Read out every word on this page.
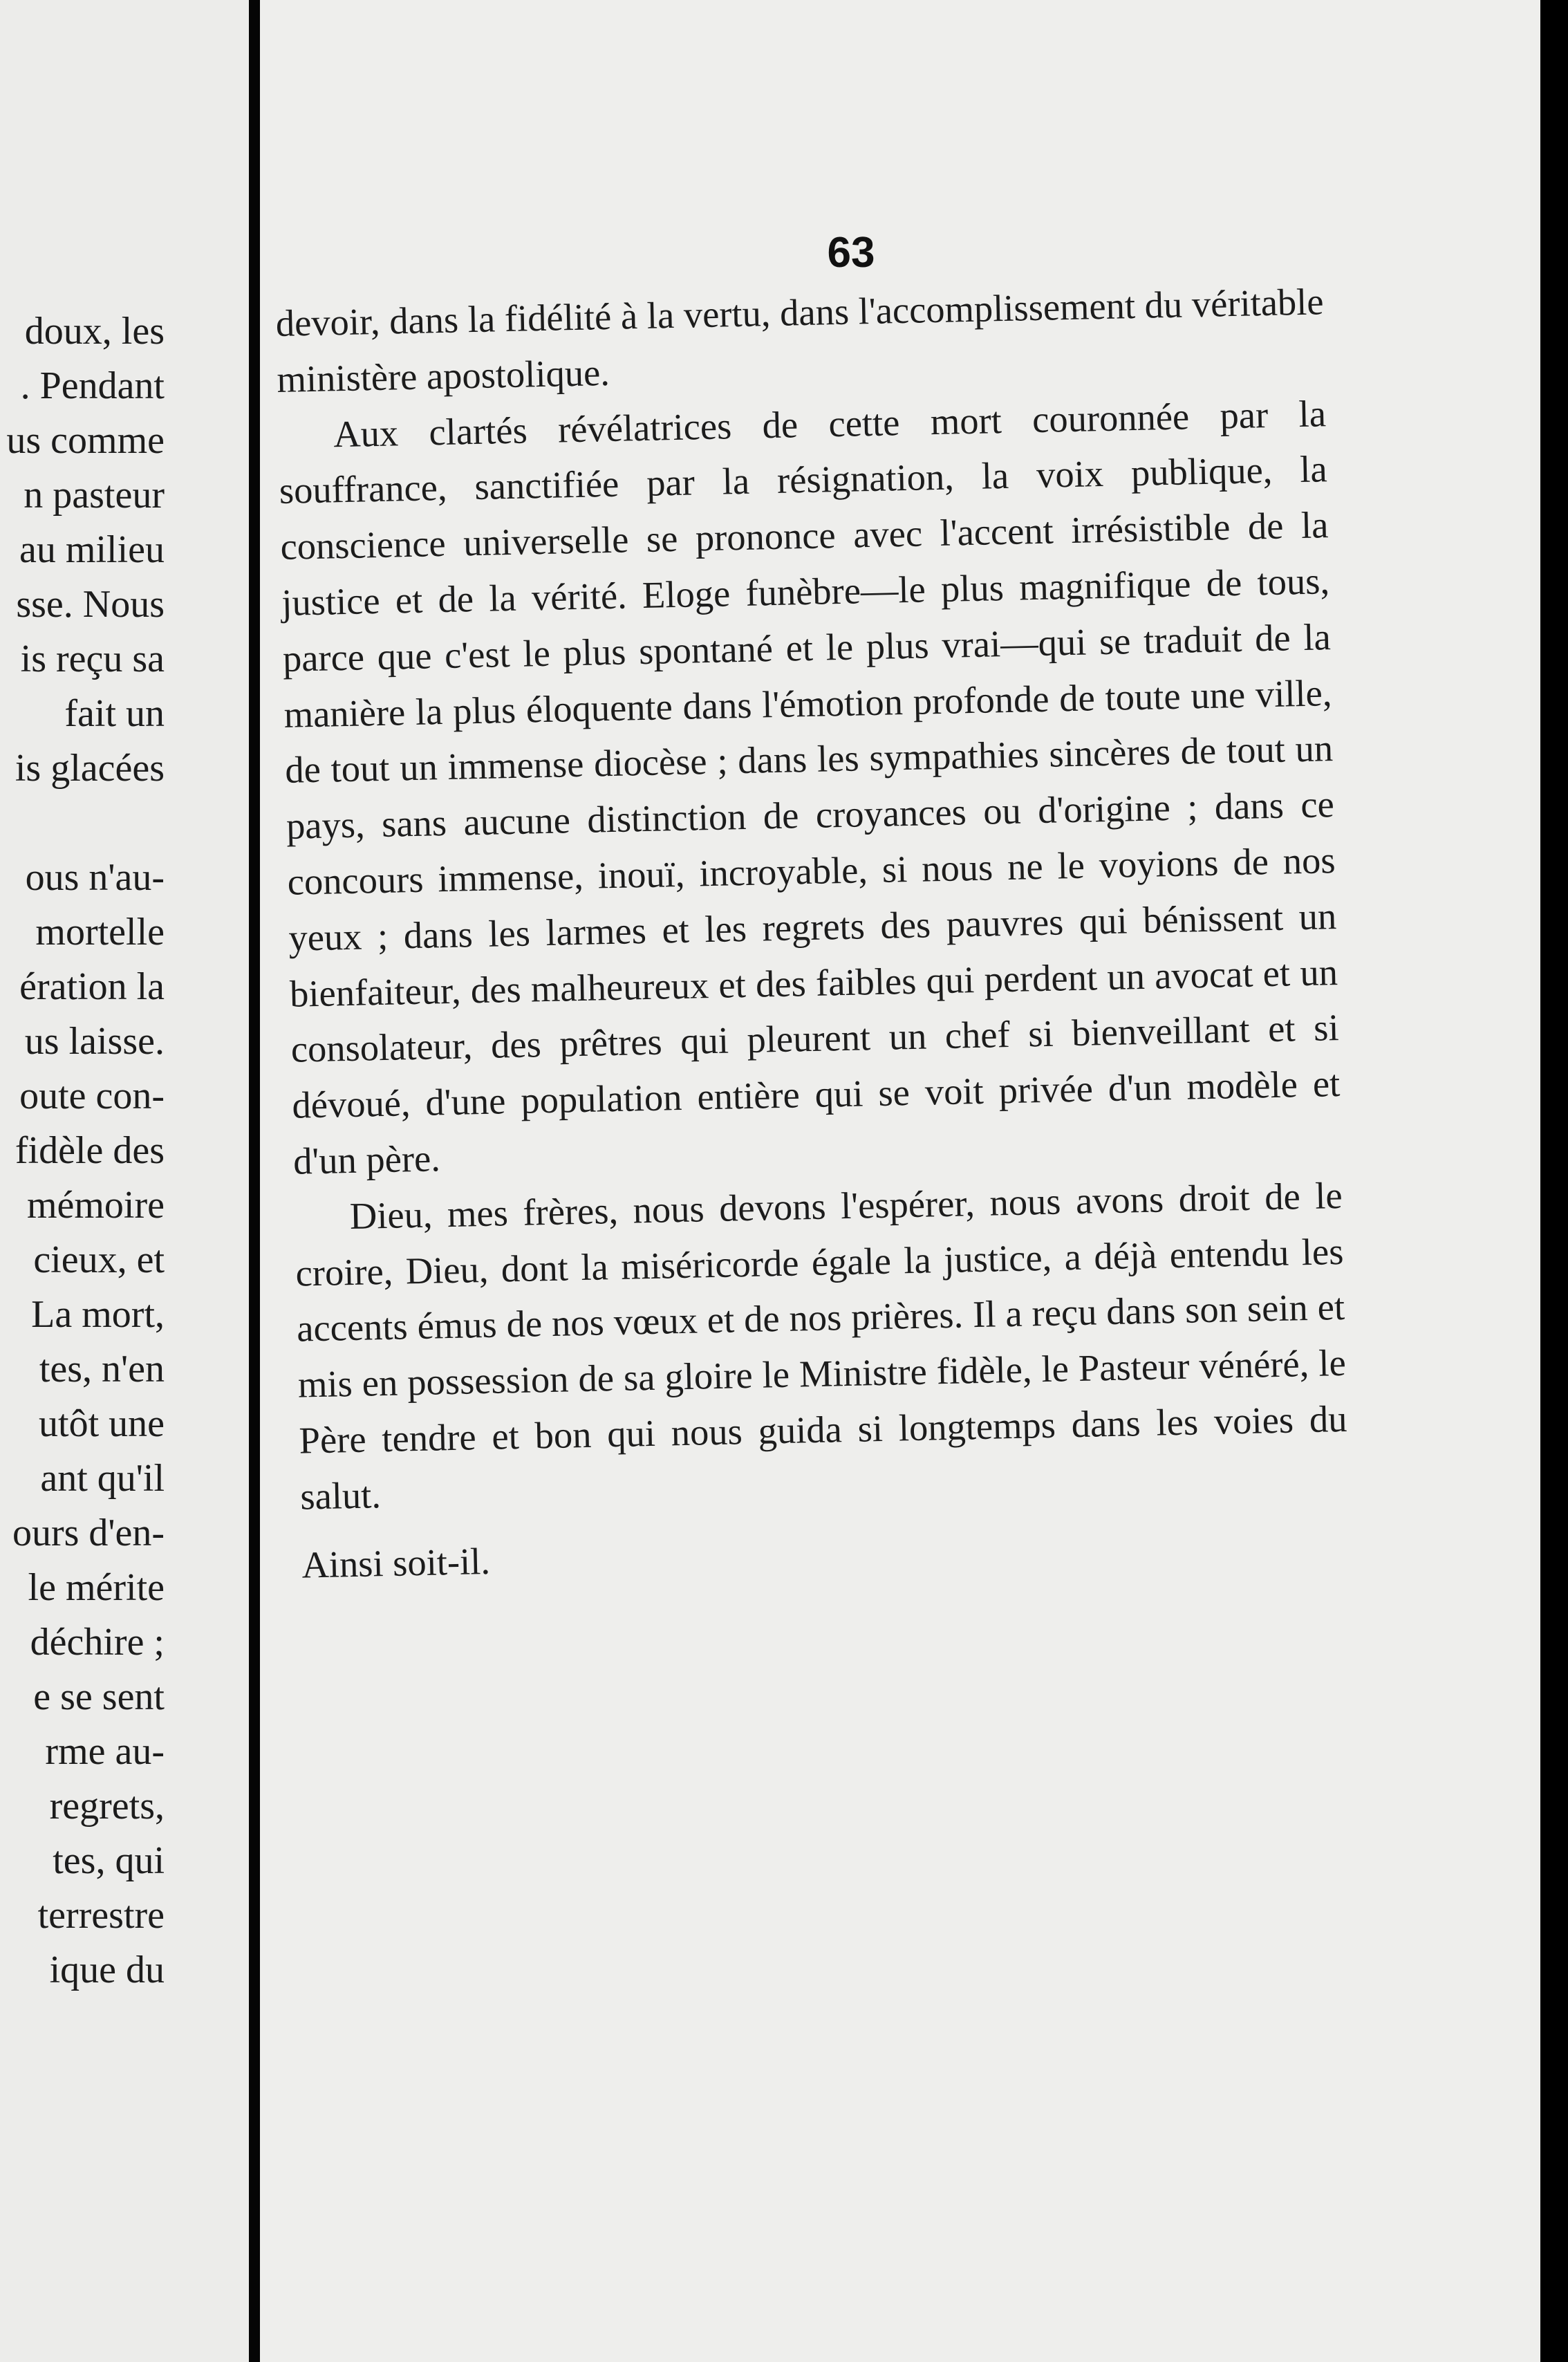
doux, les
. Pendant
us comme
n pasteur
au milieu
sse. Nous
is reçu sa
fait un
is glacées
ous n'au-
mortelle
ération la
us laisse.
oute con-
fidèle des
mémoire
cieux, et
La mort,
tes, n'en
utôt une
ant qu'il
ours d'en-
le mérite
déchire ;
e se sent
rme au-
regrets,
tes, qui
terrestre
ique du
63

devoir, dans la fidélité à la vertu, dans l'accomplissement du véritable ministère apostolique.

Aux clartés révélatrices de cette mort couronnée par la souffrance, sanctifiée par la résignation, la voix publique, la conscience universelle se prononce avec l'accent irrésistible de la justice et de la vérité. Eloge funèbre—le plus magnifique de tous, parce que c'est le plus spontané et le plus vrai—qui se traduit de la manière la plus éloquente dans l'émotion profonde de toute une ville, de tout un immense diocèse ; dans les sympathies sincères de tout un pays, sans aucune distinction de croyances ou d'origine ; dans ce concours immense, inouï, incroyable, si nous ne le voyions de nos yeux ; dans les larmes et les regrets des pauvres qui bénissent un bienfaiteur, des malheureux et des faibles qui perdent un avocat et un consolateur, des prêtres qui pleurent un chef si bienveillant et si dévoué, d'une population entière qui se voit privée d'un modèle et d'un père.

Dieu, mes frères, nous devons l'espérer, nous avons droit de le croire, Dieu, dont la miséricorde égale la justice, a déjà entendu les accents émus de nos vœux et de nos prières. Il a reçu dans son sein et mis en possession de sa gloire le Ministre fidèle, le Pasteur vénéré, le Père tendre et bon qui nous guida si longtemps dans les voies du salut.

Ainsi soit-il.
